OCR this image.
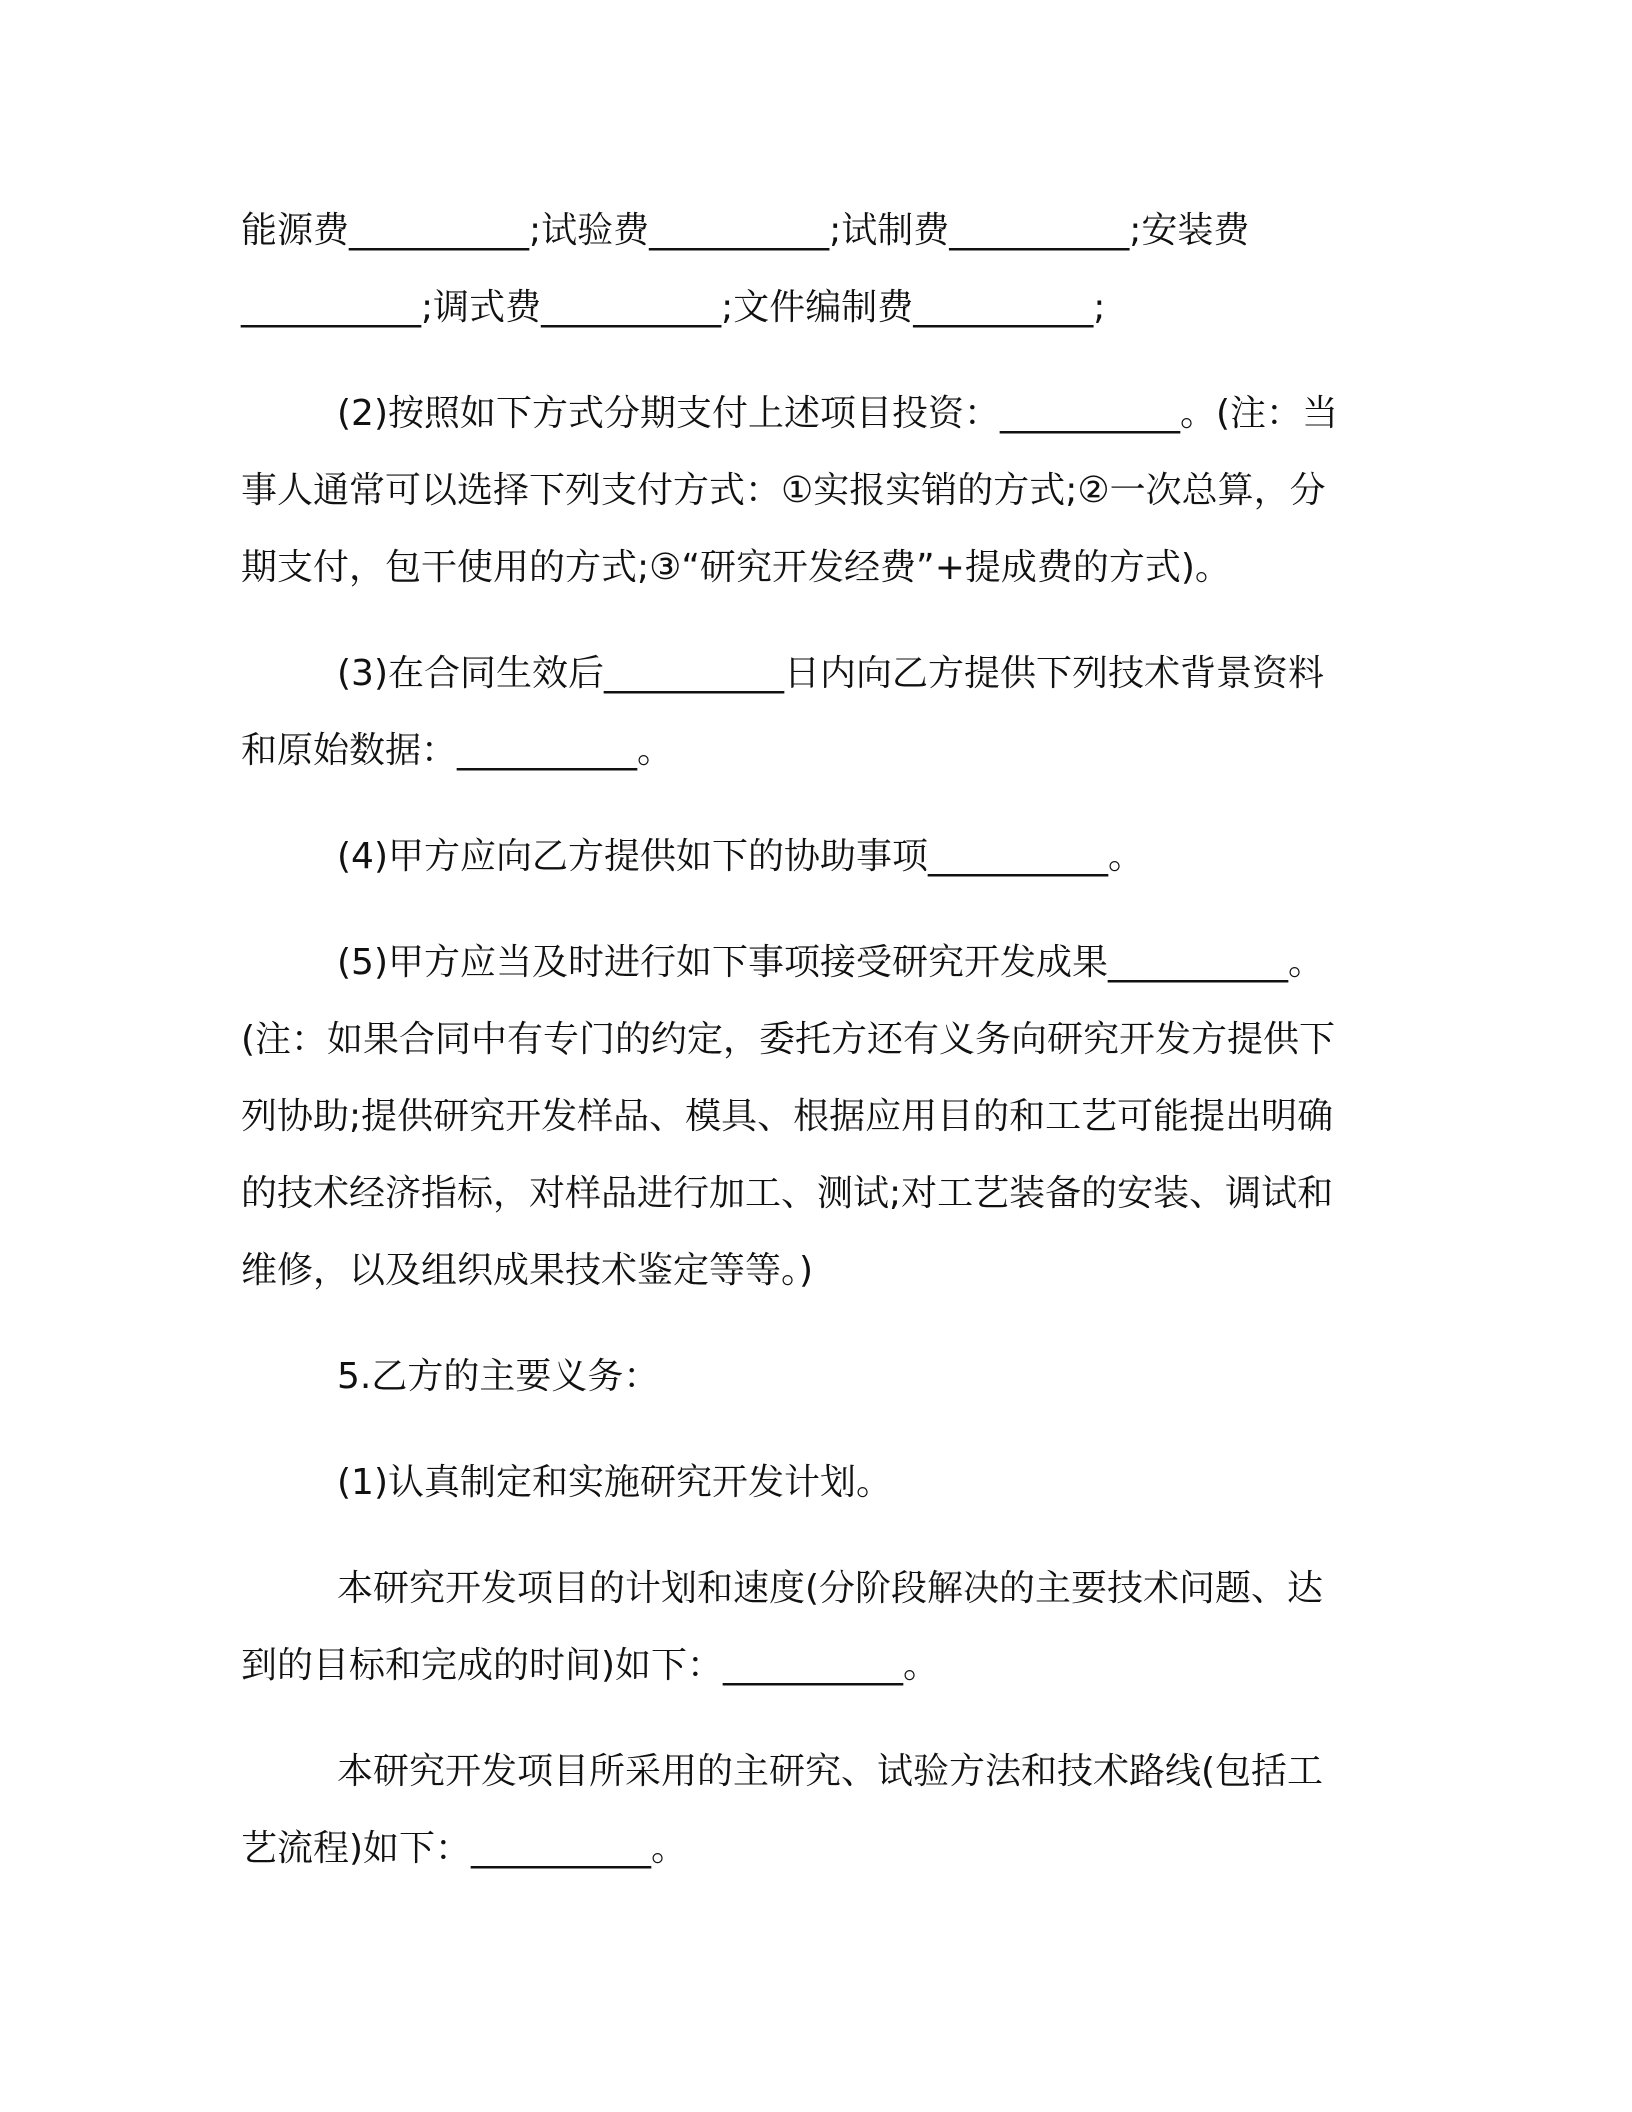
能源费__________;试验费__________;试制费__________;安装费
__________;调式费__________;文件编制费__________;
(2)按照如下方式分期支付上述项目投资：__________。(注：当
事人通常可以选择下列支付方式：①实报实销的方式;②一次总算，分
期支付，包干使用的方式;③“研究开发经费”+提成费的方式)。
(3)在合同生效后__________日内向乙方提供下列技术背景资料
和原始数据：__________。
(4)甲方应向乙方提供如下的协助事项__________。
(5)甲方应当及时进行如下事项接受研究开发成果__________。
(注：如果合同中有专门的约定，委托方还有义务向研究开发方提供下
列协助;提供研究开发样品、模具、根据应用目的和工艺可能提出明确
的技术经济指标，对样品进行加工、测试;对工艺装备的安装、调试和
维修，以及组织成果技术鉴定等等。)
5.乙方的主要义务：
(1)认真制定和实施研究开发计划。
本研究开发项目的计划和速度(分阶段解决的主要技术问题、达
到的目标和完成的时间)如下：__________。
本研究开发项目所采用的主研究、试验方法和技术路线(包括工
艺流程)如下：__________。
